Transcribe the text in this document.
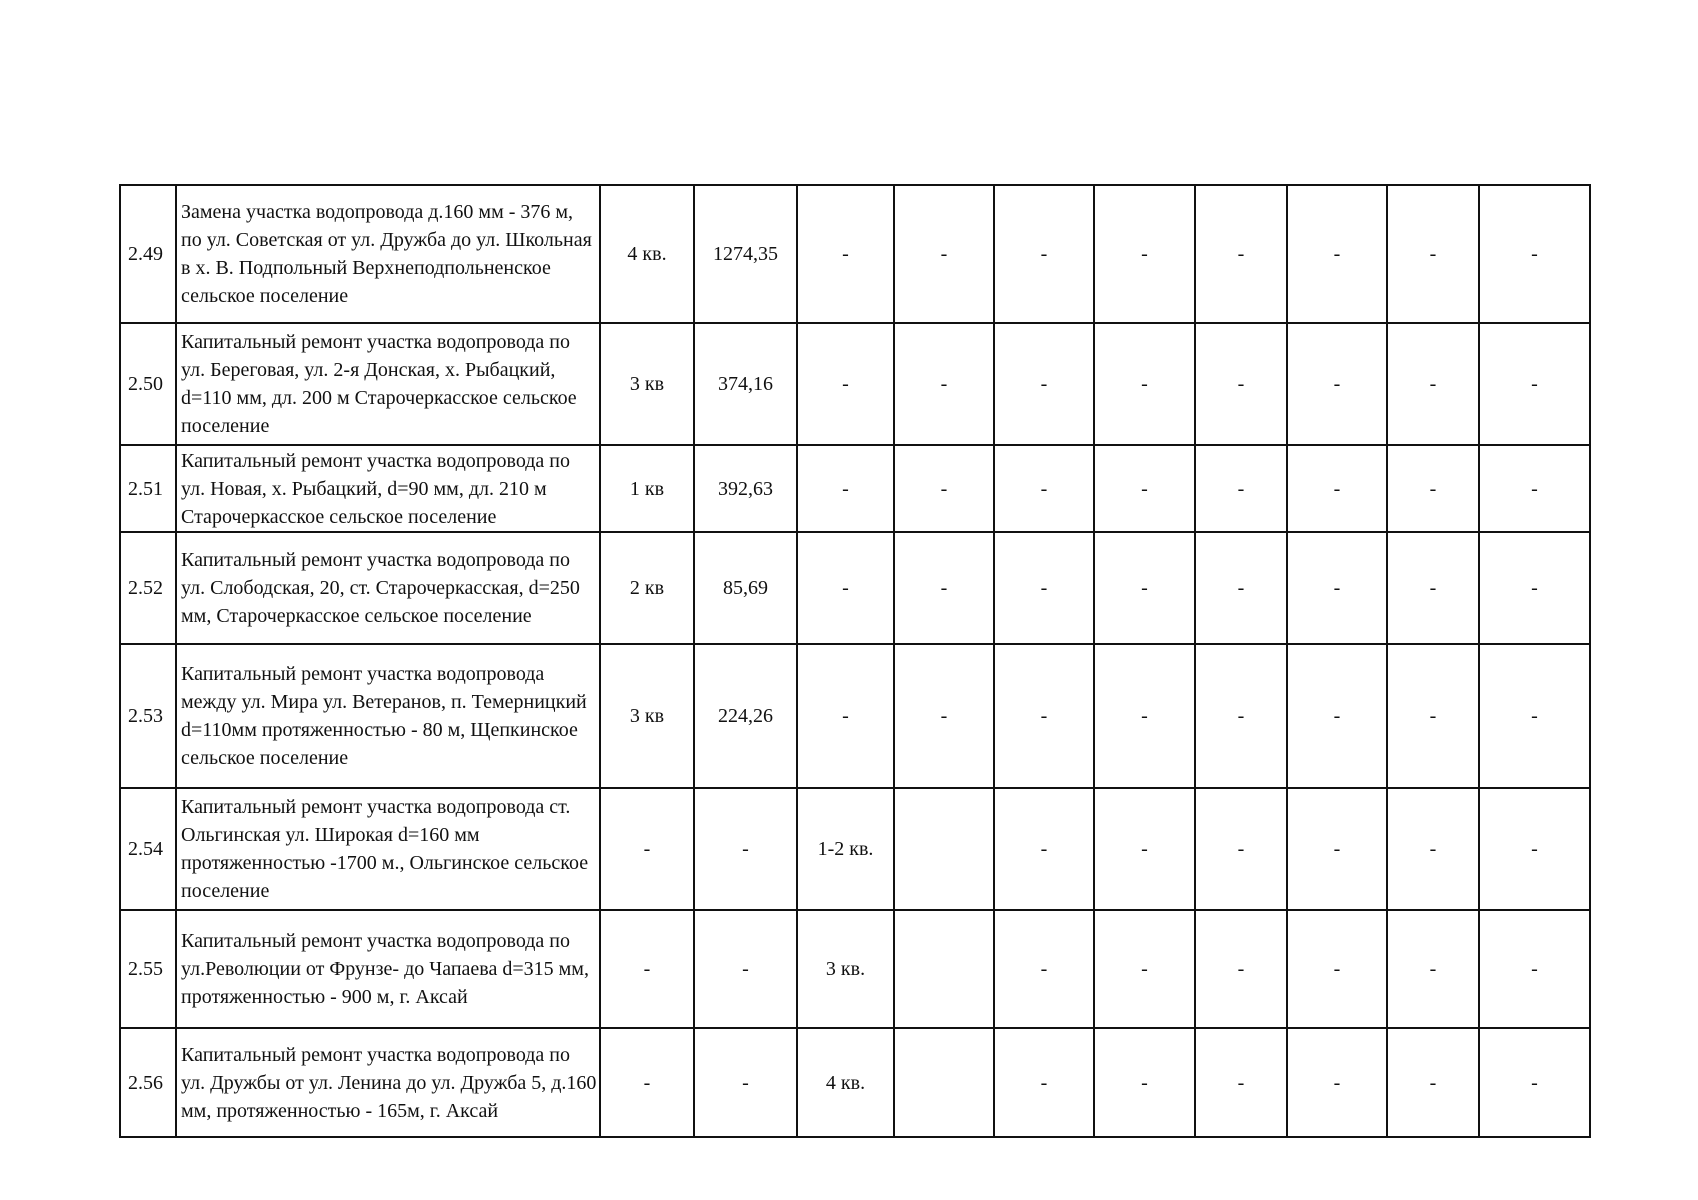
2.49	Замена участка водопровода д.160 мм - 376 м, по ул. Советская от ул. Дружба до ул. Школьная в х. В. Подпольный Верхнеподпольненское сельское поселение	4 кв.	1274,35	-	-	-	-	-	-	-	-
2.50	Капитальный ремонт участка водопровода по ул. Береговая, ул. 2-я Донская, х. Рыбацкий, d=110 мм, дл. 200 м Старочеркасское сельское поселение	3 кв	374,16	-	-	-	-	-	-	-	-
2.51	Капитальный ремонт участка водопровода по ул. Новая, х. Рыбацкий, d=90 мм, дл. 210 м Старочеркасское сельское поселение	1 кв	392,63	-	-	-	-	-	-	-	-
2.52	Капитальный ремонт участка водопровода по ул. Слободская, 20, ст. Старочеркасская, d=250 мм, Старочеркасское сельское поселение	2 кв	85,69	-	-	-	-	-	-	-	-
2.53	Капитальный ремонт участка водопровода между ул. Мира ул. Ветеранов, п. Темерницкий d=110мм протяженностью - 80 м, Щепкинское сельское поселение	3 кв	224,26	-	-	-	-	-	-	-	-
2.54	Капитальный ремонт участка водопровода ст. Ольгинская ул. Широкая d=160 мм протяженностью -1700 м., Ольгинское сельское поселение	-	-	1-2 кв.		-	-	-	-	-	-
2.55	Капитальный ремонт участка водопровода по ул.Революции от Фрунзе- до Чапаева d=315 мм, протяженностью - 900 м, г. Аксай	-	-	3 кв.		-	-	-	-	-	-
2.56	Капитальный ремонт участка водопровода по ул. Дружбы от ул. Ленина до ул. Дружба 5, д.160 мм, протяженностью - 165м, г. Аксай	-	-	4 кв.		-	-	-	-	-	-
